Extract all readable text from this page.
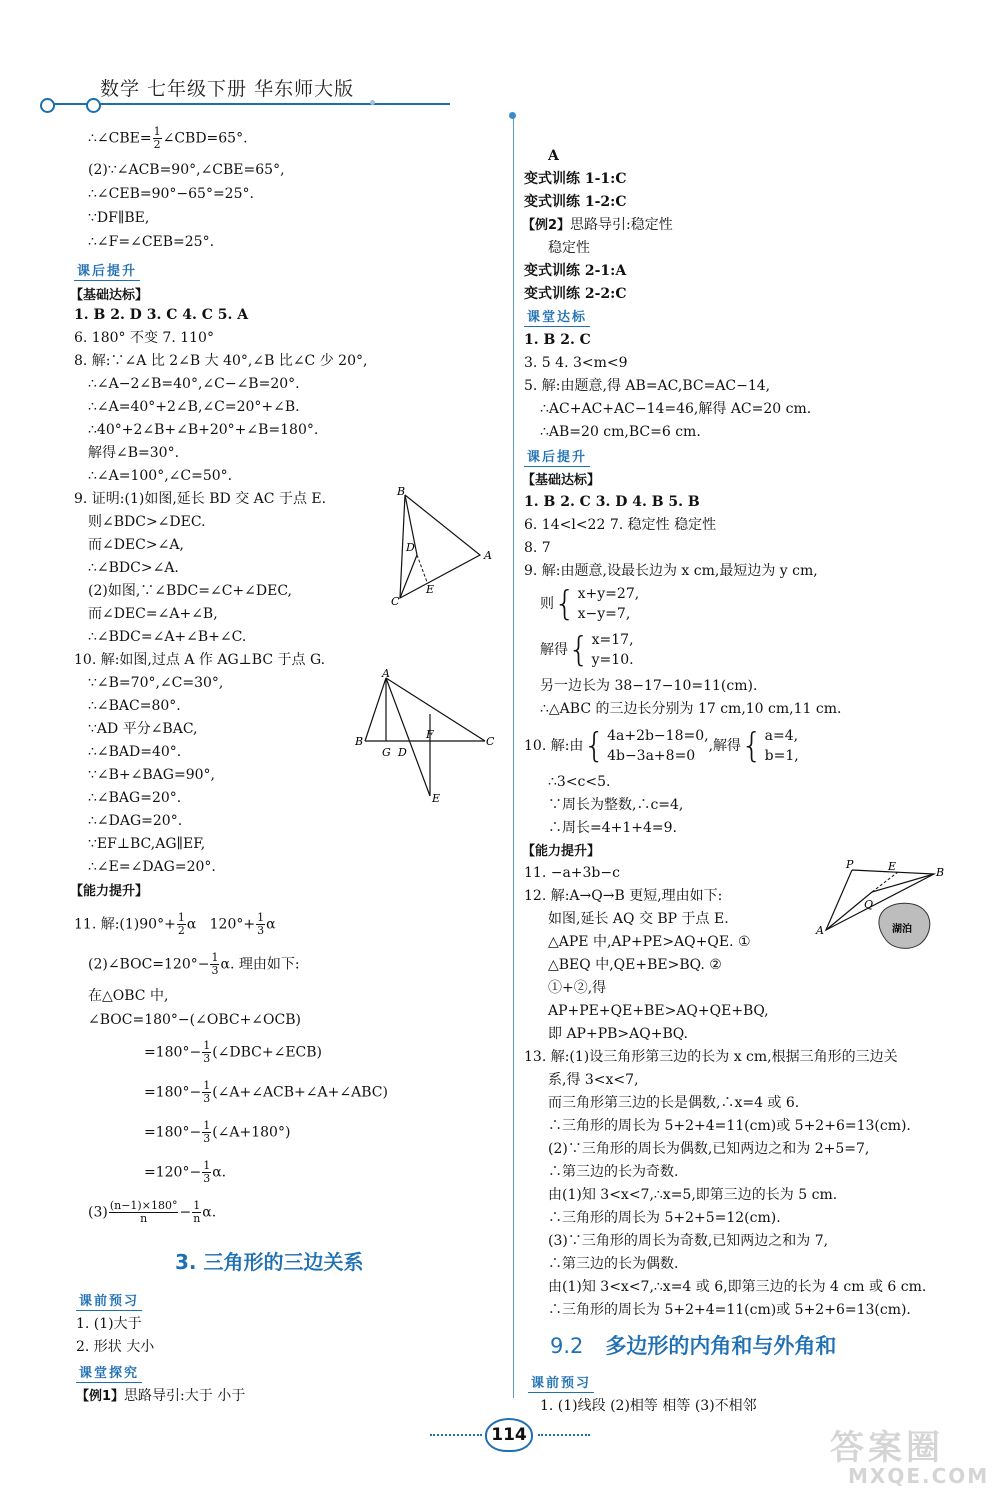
数学 七年级下册 华东师大版
∴∠CBE= $\frac{1}{2}$ ∠CBD=65°.
(2)∵∠ACB=90°,∠CBE=65°,
∴∠CEB=90°−65°=25°.
∵DF∥BE,
∴∠F=∠CEB=25°.
课后提升
【基础达标】
1. B 2. D 3. C 4. C 5. A
6. 180° 不变 7. 110°
8. 解:∵∠A 比 2∠B 大 40°,∠B 比∠C 少 20°,
∴∠A−2∠B=40°,∠C−∠B=20°.
∴∠A=40°+2∠B,∠C=20°+∠B.
∴40°+2∠B+∠B+20°+∠B=180°.
解得∠B=30°.
∴∠A=100°,∠C=50°.
9. 证明:(1)如图,延长 BD 交 AC 于点 E.
则∠BDC>∠DEC.
而∠DEC>∠A,
∴∠BDC>∠A.
(2)如图,∵∠BDC=∠C+∠DEC,
而∠DEC=∠A+∠B,
∴∠BDC=∠A+∠B+∠C.
B
A
C
D
E
10. 解:如图,过点 A 作 AG⊥BC 于点 G.
∵∠B=70°,∠C=30°,
∴∠BAC=80°.
∵AD 平分∠BAC,
∴∠BAD=40°.
∵∠B+∠BAG=90°,
∴∠BAG=20°.
∴∠DAG=20°.
∵EF⊥BC,AG∥EF,
∴∠E=∠DAG=20°.
A
B	C
G D
F
E
【能力提升】
11. 解:(1)90°+ $\frac{1}{2}$ α $120^\circ+ \frac{1}{3}$ α
(2)∠BOC=120°− $\frac{1}{3} \alpha$. 理由如下:
在△OBC 中,
∠BOC=180°−(∠OBC+∠OCB)
$=180^\circ- \frac{1}{3}$ (∠DBC+∠ECB)
$=180^\circ- \frac{1}{3}$ (∠A+∠ACB+∠A+∠ABC)
$=180^\circ- \frac{1}{3}$ (∠A+180°)
$=120^\circ- \frac{1}{3} \alpha$.
$(3) \frac{(n-1)\times 180^\circ}{n} - \frac{1}{n} \alpha$.
3. 三角形的三边关系
课前预习
1. (1)大于
2. 形状 大小
课堂探究
【例1】思路导引:大于 小于
A
变式训练 1-1:C
变式训练 1-2:C
【例2】思路导引:稳定性
稳定性
变式训练 2-1:A
变式训练 2-2:C
课堂达标
1. B 2. C
3. 5 4. 3<m<9
5. 解:由题意,得 AB=AC,BC=AC−14,
∴AC+AC+AC−14=46,解得 AC=20 cm.
∴AB=20 cm,BC=6 cm.
课后提升
【基础达标】
1. B 2. C 3. D 4. B 5. B
6. 14<l<22 7. 稳定性 稳定性
8. 7
9. 解:由题意,设最长边为 x cm,最短边为 y cm,
则{ x+y=27,
x−y=7,
解得{ x=17,
y=10.
另一边长为 38−17−10=11(cm).
∴△ABC 的三边长分别为 17 cm,10 cm,11 cm.
10. 解:由{ 4a+2b−18=0,
4b−3a+8=0
,解得{ a=4,
b=1,
∴3<c<5.
∵周长为整数,∴c=4,
∴周长=4+1+4=9.
【能力提升】
11. −a+3b−c
12. 解:A→Q→B 更短,理由如下:
如图,延长 AQ 交 BP 于点 E.
△APE 中,AP+PE>AQ+QE. ①
△BEQ 中,QE+BE>BQ. ②
①+②,得
AP+PE+QE+BE>AQ+QE+BQ,
即 AP+PB>AQ+BQ.
P	E	B
Q
A	湖泊
13. 解:(1)设三角形第三边的长为 x cm,根据三角形的三边关
系,得 3<x<7,
而三角形第三边的长是偶数,∴x=4 或 6.
∴三角形的周长为 5+2+4=11(cm)或 5+2+6=13(cm).
(2)∵三角形的周长为偶数,已知两边之和为 2+5=7,
∴第三边的长为奇数.
由(1)知 3<x<7,∴x=5,即第三边的长为 5 cm.
∴三角形的周长为 5+2+5=12(cm).
(3)∵三角形的周长为奇数,已知两边之和为 7,
∴第三边的长为偶数.
由(1)知 3<x<7,∴x=4 或 6,即第三边的长为 4 cm 或 6 cm.
∴三角形的周长为 5+2+4=11(cm)或 5+2+6=13(cm).
9.2 多边形的内角和与外角和
课前预习
1. (1)线段 (2)相等 相等 (3)不相邻
114	答案圈
MXQE.COM
